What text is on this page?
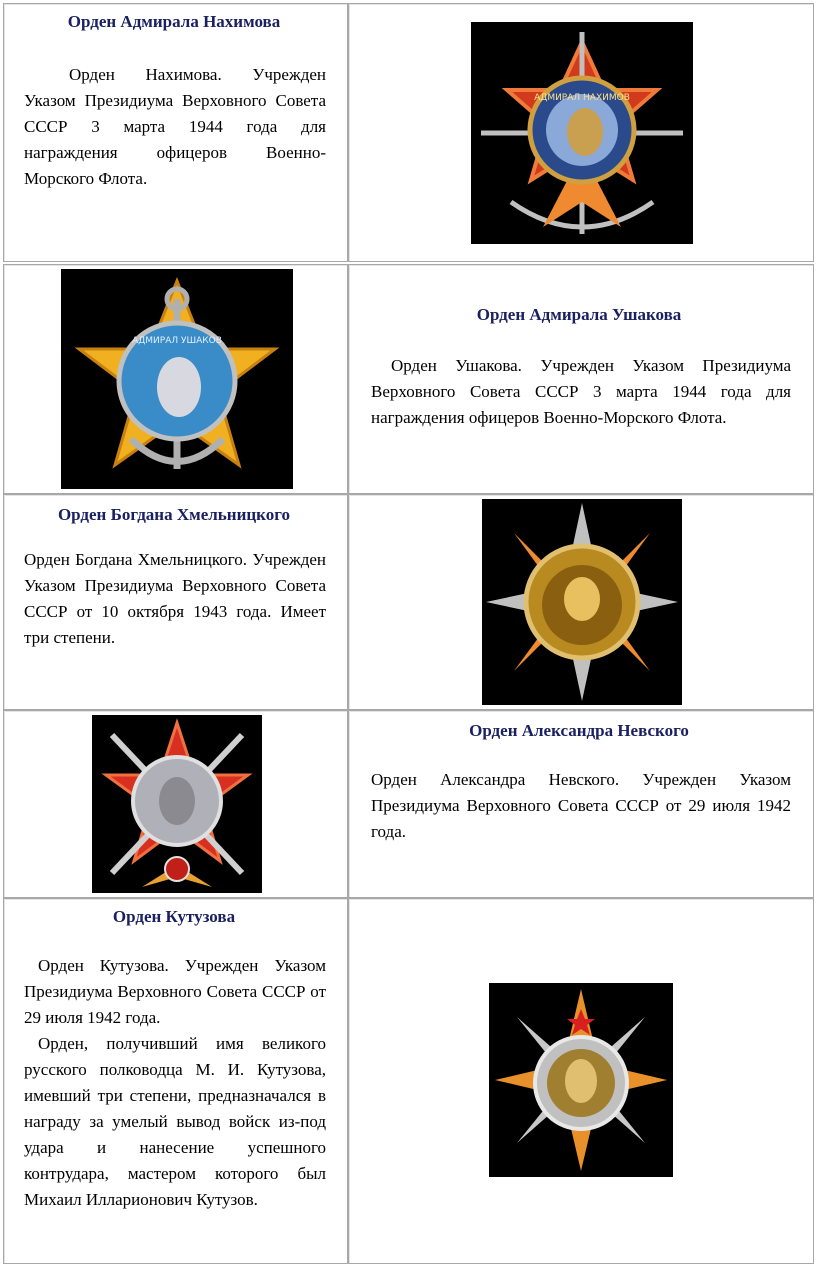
Орден Адмирала Нахимова
Орден Нахимова. Учрежден Указом Президиума Верховного Совета СССР 3 марта 1944 года для награждения офицеров Военно-Морского Флота.
АДМИРАЛ НАХИМОВ
АДМИРАЛ УШАКОВ
Орден Адмирала Ушакова
Орден Ушакова. Учрежден Указом Президиума Верховного Совета СССР 3 марта 1944 года для награждения офицеров Военно-Морского Флота.
Орден Богдана Хмельницкого
Орден Богдана Хмельницкого. Учрежден Указом Президиума Верховного Совета СССР от 10 октября 1943 года. Имеет три степени.
Орден Александра Невского
Орден Александра Невского. Учрежден Указом Президиума Верховного Совета СССР от 29 июля 1942 года.
Орден Кутузова
Орден Кутузова. Учрежден Указом Президиума Верховного Совета СССР от 29 июля 1942 года.
Орден, получивший имя великого русского полководца М. И. Кутузова, имевший три степени, предназначался в награду за умелый вывод войск из-под удара и нанесение успешного контрудара, мастером которого был Михаил Илларионович Кутузов.
